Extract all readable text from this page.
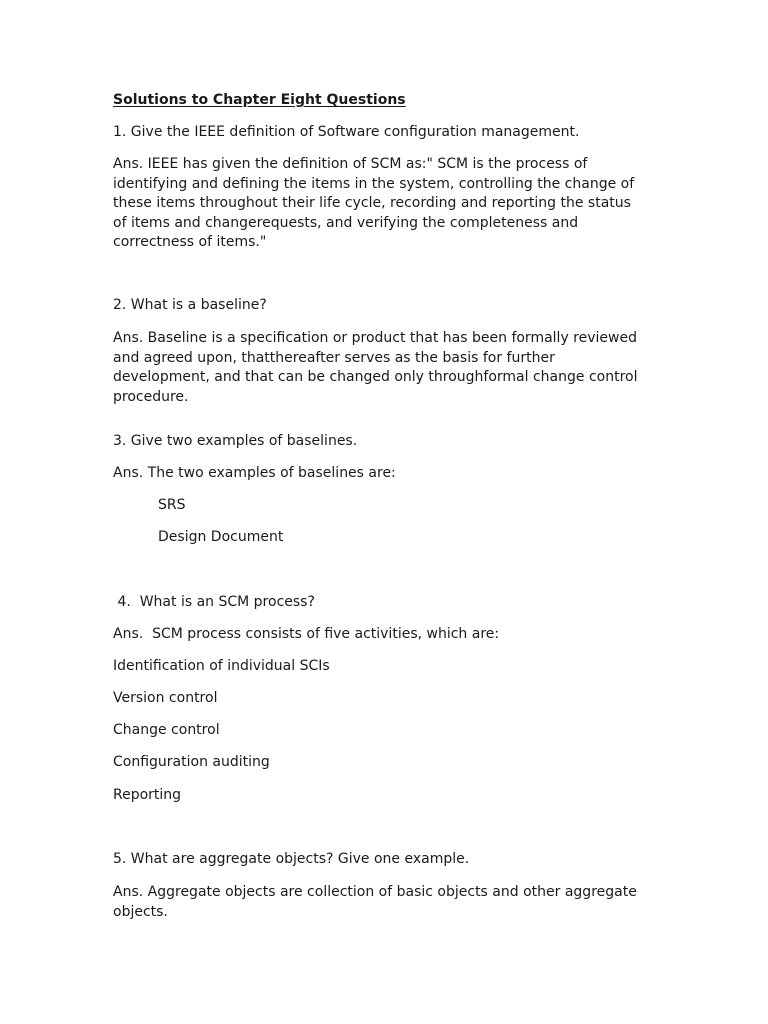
Solutions to Chapter Eight Questions

1. Give the IEEE definition of Software configuration management.

Ans. IEEE has given the definition of SCM as:" SCM is the process of identifying and defining the items in the system, controlling the change of these items throughout their life cycle, recording and reporting the status of items and changerequests, and verifying the completeness and correctness of items."

2. What is a baseline?

Ans. Baseline is a specification or product that has been formally reviewed and agreed upon, thatthereafter serves as the basis for further development, and that can be changed only throughformal change control procedure.

3. Give two examples of baselines.

Ans. The two examples of baselines are:

SRS

Design Document

4.  What is an SCM process?

Ans.  SCM process consists of five activities, which are:

Identification of individual SCIs

Version control

Change control

Configuration auditing

Reporting

5. What are aggregate objects? Give one example.

Ans. Aggregate objects are collection of basic objects and other aggregate objects.
